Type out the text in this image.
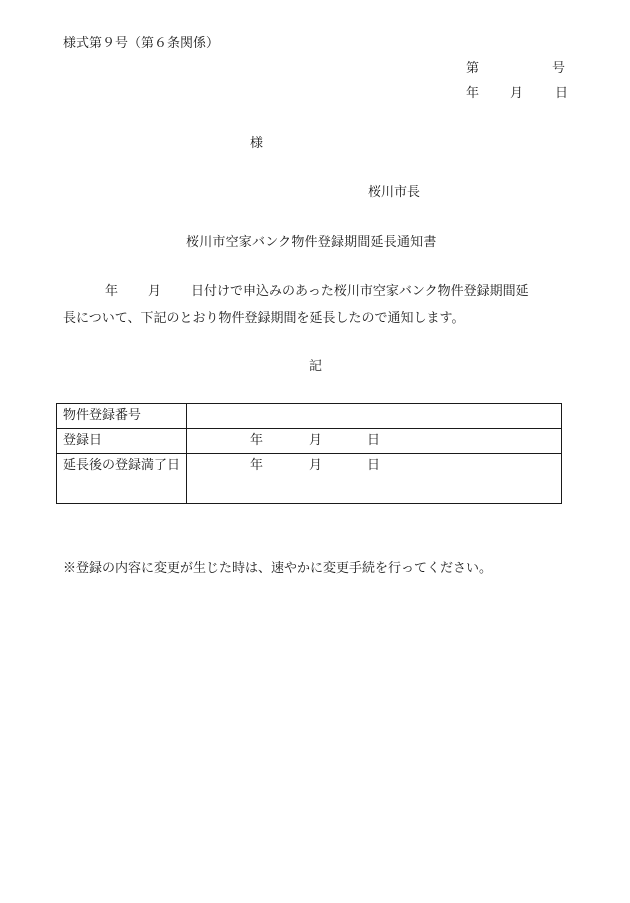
様式第９号（第６条関係）
第	号
年 月 日
様
桜川市長
桜川市空家バンク物件登録期間延長通知書
年 月 日付けで申込みのあった桜川市空家バンク物件登録期間延
長について、下記のとおり物件登録期間を延長したので通知します。
記
物件登録番号	
登録日	年 月 日

延長後の登録満了日	年 月 日
※登録の内容に変更が生じた時は、速やかに変更手続を行ってください。
